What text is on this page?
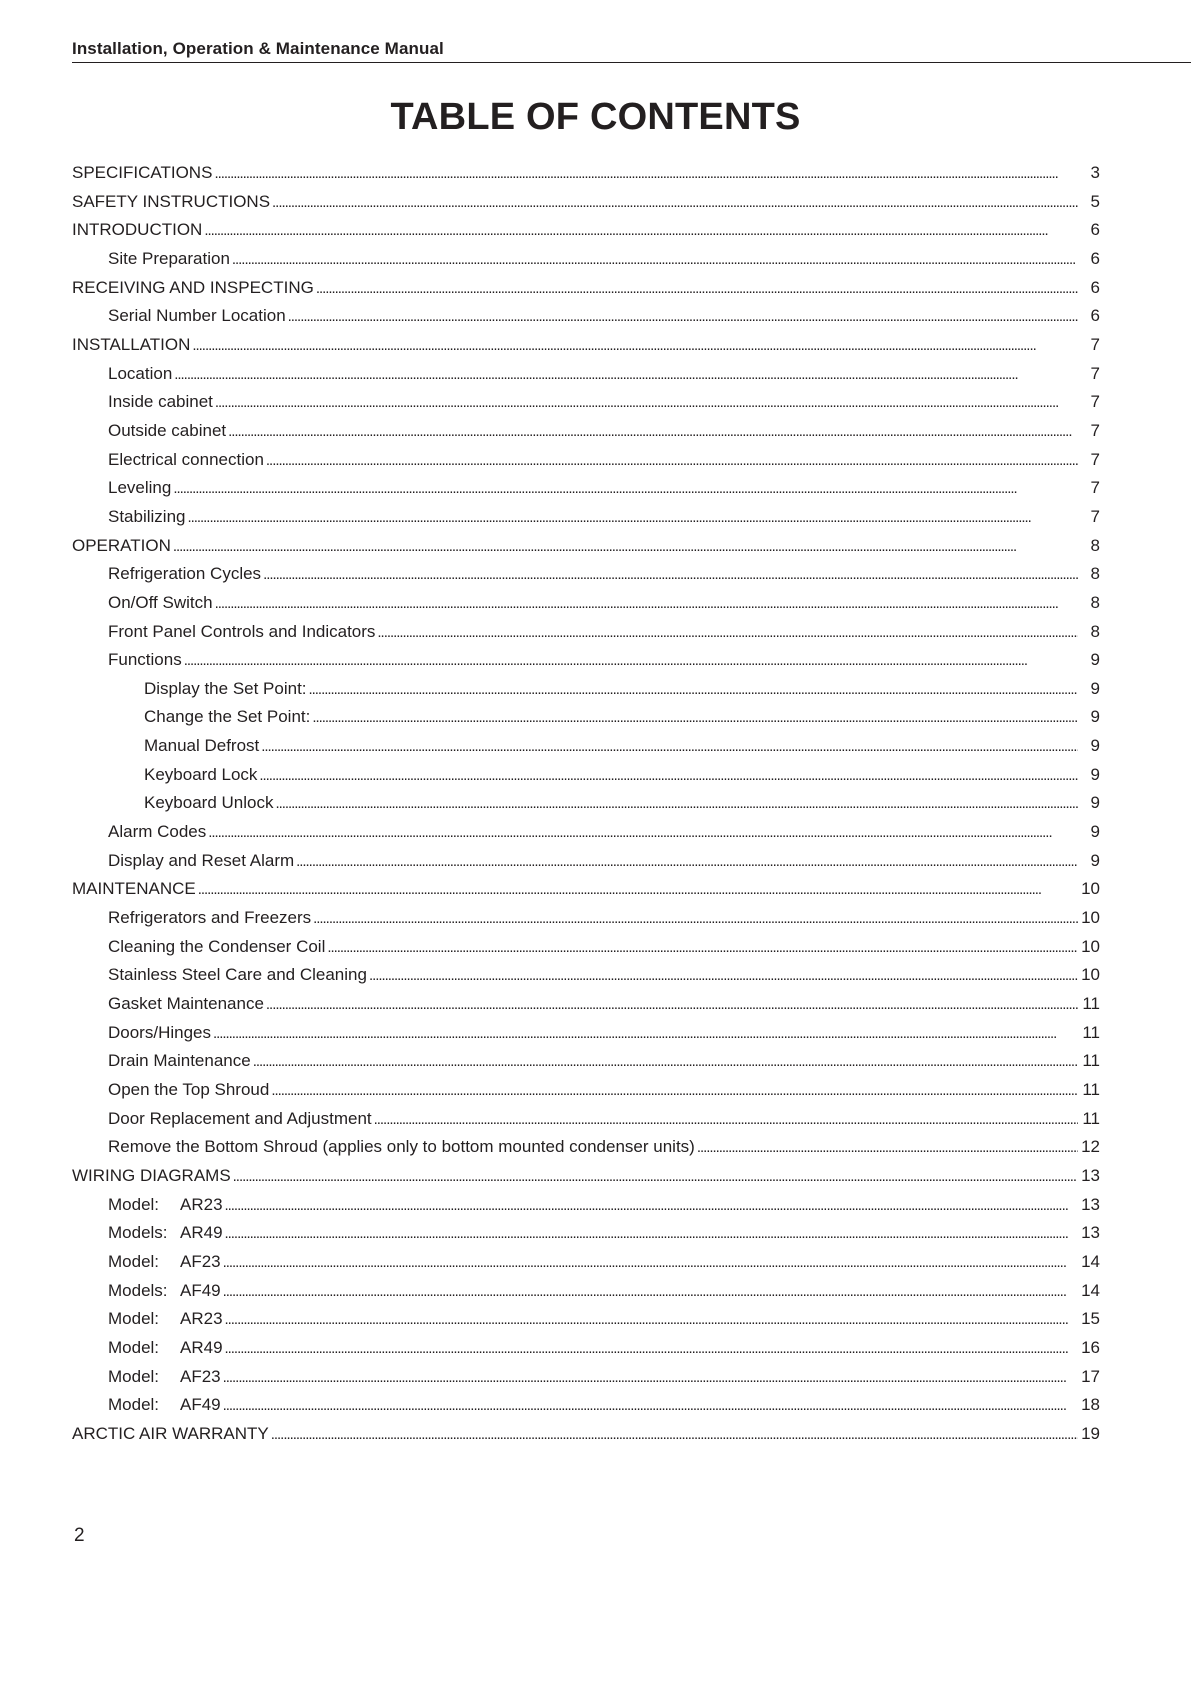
Installation, Operation & Maintenance Manual
TABLE OF CONTENTS
SPECIFICATIONS . . .	3
SAFETY INSTRUCTIONS . . .	5
INTRODUCTION . . .	6
Site Preparation . . .	6
RECEIVING AND INSPECTING . . .	6
Serial Number Location . . .	6
INSTALLATION . . .	7
Location . . .	7
Inside cabinet . . .	7
Outside cabinet . . .	7
Electrical connection . . .	7
Leveling . . .	7
Stabilizing . . .	7
OPERATION . . .	8
Refrigeration Cycles . . .	8
On/Off Switch . . .	8
Front Panel Controls and Indicators . . .	8
Functions . . .	9
Display the Set Point: . . .	9
Change the Set Point: . . .	9
Manual Defrost . . .	9
Keyboard Lock . . .	9
Keyboard Unlock . . .	9
Alarm Codes . . .	9
Display and Reset Alarm . . .	9
MAINTENANCE . . .	10
Refrigerators and Freezers . . .	10
Cleaning the Condenser Coil . . .	10
Stainless Steel Care and Cleaning . . .	10
Gasket Maintenance . . .	11
Doors/Hinges . . .	11
Drain Maintenance . . .	11
Open the Top Shroud . . .	11
Door Replacement and Adjustment . . .	11
Remove the Bottom Shroud (applies only to bottom mounted condenser units) . . .	12
WIRING DIAGRAMS . . .	13
Model: AR23 . . .	13
Models: AR49 . . .	13
Model: AF23 . . .	14
Models: AF49 . . .	14
Model: AR23 . . .	15
Model: AR49 . . .	16
Model: AF23 . . .	17
Model: AF49 . . .	18
ARCTIC AIR WARRANTY . . .	19
2
